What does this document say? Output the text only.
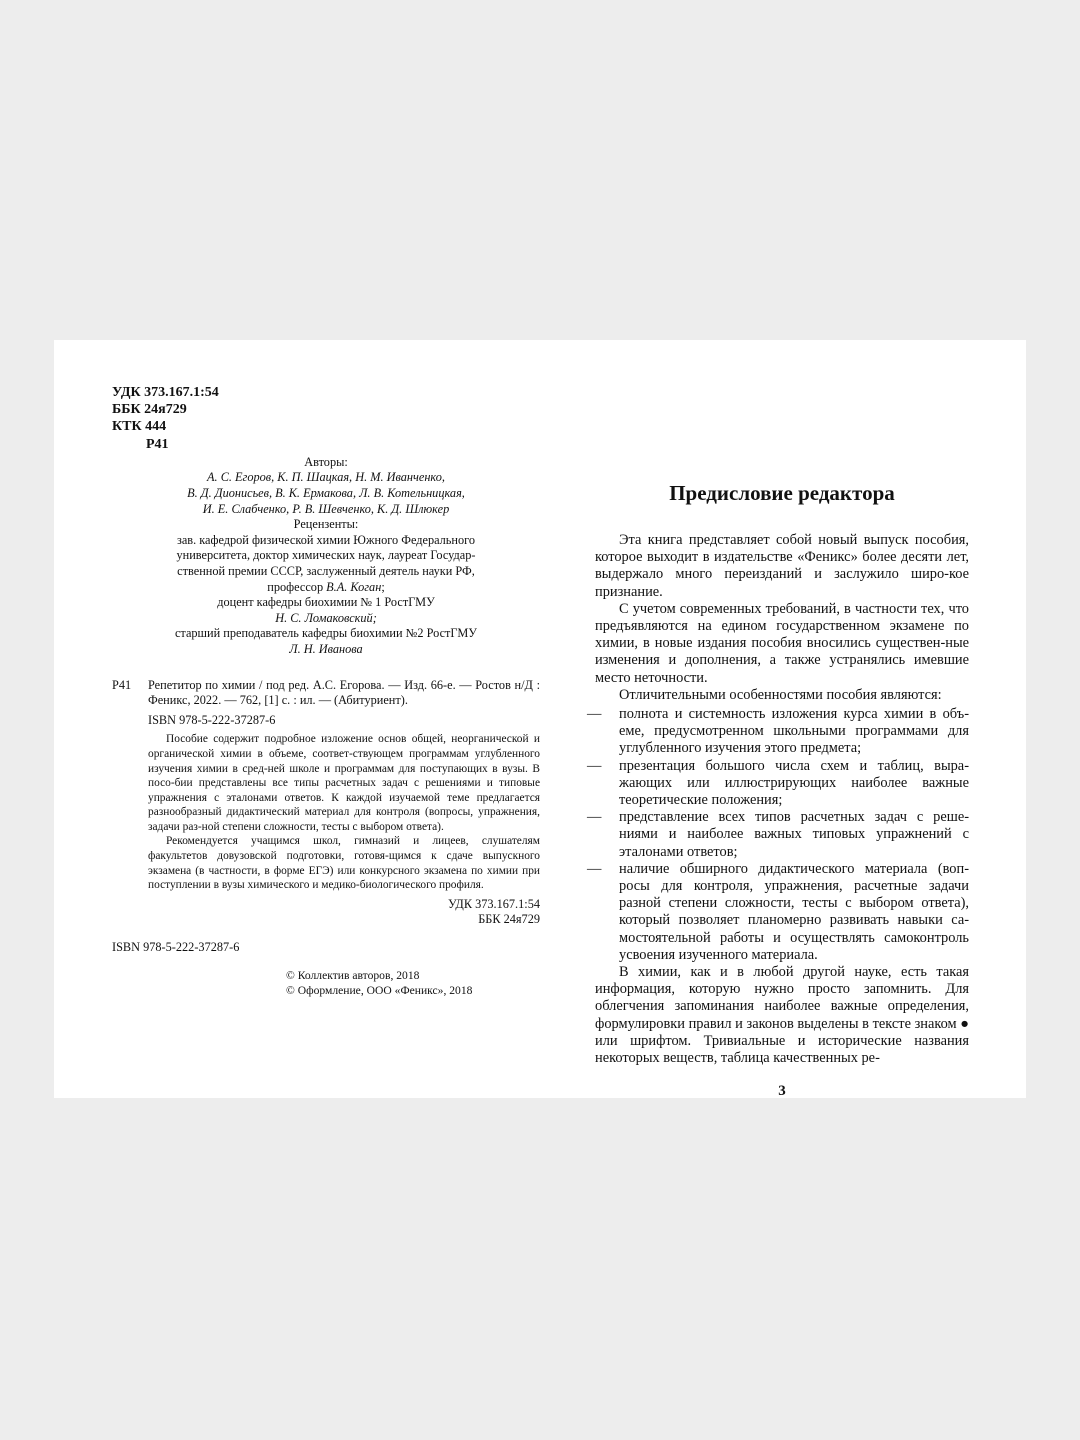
УДК 373.167.1:54
ББК 24я729
КТК 444
Р41
Авторы:
А. С. Егоров, К. П. Шацкая, Н. М. Иванченко,
В. Д. Дионисьев, В. К. Ермакова, Л. В. Котельницкая,
И. Е. Слабченко, Р. В. Шевченко, К. Д. Шлюкер
Рецензенты:
зав. кафедрой физической химии Южного Федерального
университета, доктор химических наук, лауреат Государ-
ственной премии СССР, заслуженный деятель науки РФ,
профессор В.А. Коган;
доцент кафедры биохимии № 1 РостГМУ
Н. С. Ломаковский;
старший преподаватель кафедры биохимии №2 РостГМУ
Л. Н. Иванова
Р41 Репетитор по химии / под ред. А.С. Егорова. — Изд. 66-е. — Ростов н/Д : Феникс, 2022. — 762, [1] с. : ил. — (Абитуриент).
ISBN 978-5-222-37287-6

Пособие содержит подробное изложение основ общей, неорганической и органической химии в объеме, соответ-ствующем программам углубленного изучения химии в сред-ней школе и программам для поступающих в вузы. В посо-бии представлены все типы расчетных задач с решениями и типовые упражнения с эталонами ответов. К каждой изучаемой теме предлагается разнообразный дидактический материал для контроля (вопросы, упражнения, задачи раз-ной степени сложности, тесты с выбором ответа).

Рекомендуется учащимся школ, гимназий и лицеев, слушателям факультетов довузовской подготовки, готовя-щимся к сдаче выпускного экзамена (в частности, в форме ЕГЭ) или конкурсного экзамена по химии при поступлении в вузы химического и медико-биологического профиля.

УДК 373.167.1:54
ББК 24я729
ISBN 978-5-222-37287-6
© Коллектив авторов, 2018
© Оформление, ООО «Феникс», 2018
Предисловие редактора

Эта книга представляет собой новый выпуск пособия, которое выходит в издательстве «Феникс» более десяти лет, выдержало много переизданий и заслужило широ-кое признание.

С учетом современных требований, в частности тех, что предъявляются на едином государственном экзамене по химии, в новые издания пособия вносились существен-ные изменения и дополнения, а также устранялись имевшие место неточности.

Отличительными особенностями пособия являются:

— полнота и системность изложения курса химии в объ-еме, предусмотренном школьными программами для углубленного изучения этого предмета;
— презентация большого числа схем и таблиц, выра-жающих или иллюстрирующих наиболее важные теоретические положения;
— представление всех типов расчетных задач с реше-ниями и наиболее важных типовых упражнений с эталонами ответов;
— наличие обширного дидактического материала (воп-росы для контроля, упражнения, расчетные задачи разной степени сложности, тесты с выбором ответа), который позволяет планомерно развивать навыки са-мостоятельной работы и осуществлять самоконтроль усвоения изученного материала.

В химии, как и в любой другой науке, есть такая информация, которую нужно просто запомнить. Для облегчения запоминания наиболее важные определения, формулировки правил и законов выделены в тексте знаком ● или шрифтом. Тривиальные и исторические названия некоторых веществ, таблица качественных ре-

3
